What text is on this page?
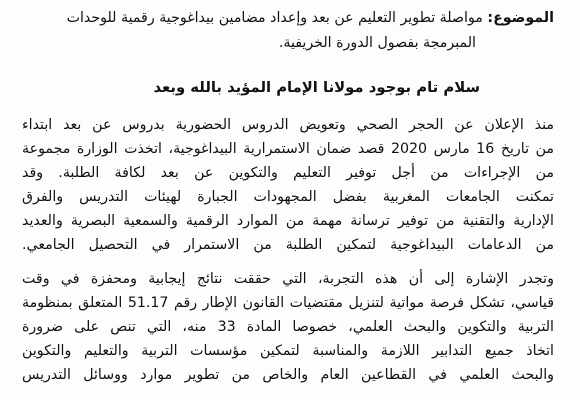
الموضوع: مواصلة تطوير التعليم عن بعد وإعداد مضامين بيداغوجية رقمية للوحدات
المبرمجة بفصول الدورة الخريفية.
سلام تام بوجود مولانا الإمام المؤيد بالله وبعد
منذ الإعلان عن الحجر الصحي وتعويض الدروس الحضورية بدروس عن بعد ابتداء
من تاريخ 16 مارس 2020 قصد ضمان الاستمرارية البيداغوجية، اتخذت الوزارة مجموعة
من الإجراءات من أجل توفير التعليم والتكوين عن بعد لكافة الطلبة. وقد
تمكنت الجامعات المغربية بفضل المجهودات الجبارة لهيئات التدريس والفرق
الإدارية والتقنية من توفير ترسانة مهمة من الموارد الرقمية والسمعية البصرية والعديد
من الدعامات البيداغوجية لتمكين الطلبة من الاستمرار في التحصيل الجامعي.
وتجدر الإشارة إلى أن هذه التجربة، التي حققت نتائج إيجابية ومحفزة في وقت
قياسي، تشكل فرصة مواتية لتنزيل مقتضيات القانون الإطار رقم 51.17 المتعلق بمنظومة
التربية والتكوين والبحث العلمي، خصوصا المادة 33 منه، التي تنص على ضرورة
اتخاذ جميع التدابير اللازمة والمناسبة لتمكين مؤسسات التربية والتعليم والتكوين
والبحث العلمي في القطاعين العام والخاص من تطوير موارد ووسائل التدريس
